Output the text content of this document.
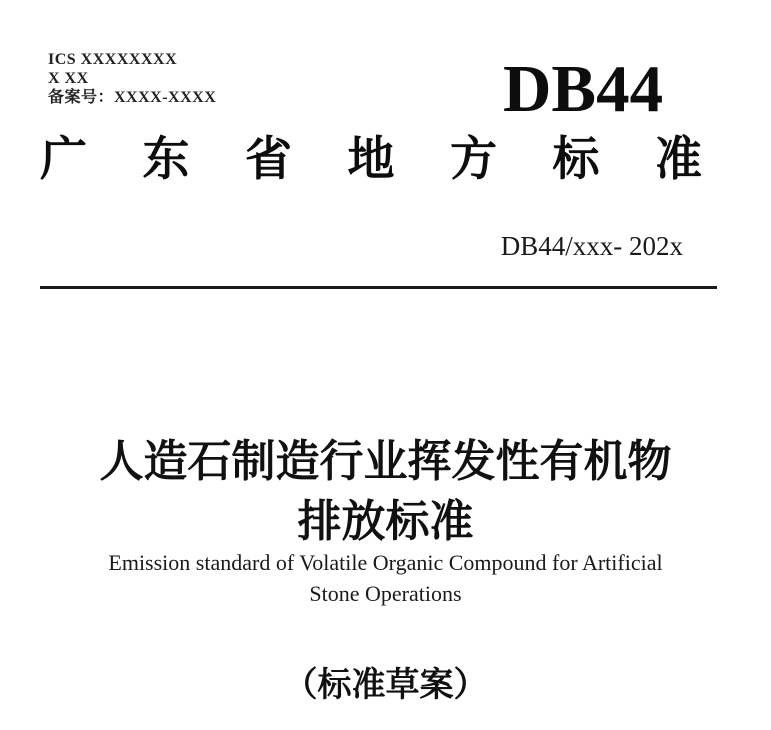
ICS XXXXXXXX
X XX
备案号：XXXX-XXXX	DB44
广 东 省 地 方 标 准
DB44/xxx- 202x
人造石制造行业挥发性有机物
排放标准
Emission standard of Volatile Organic Compound for Artificial
Stone Operations
（标准草案）
